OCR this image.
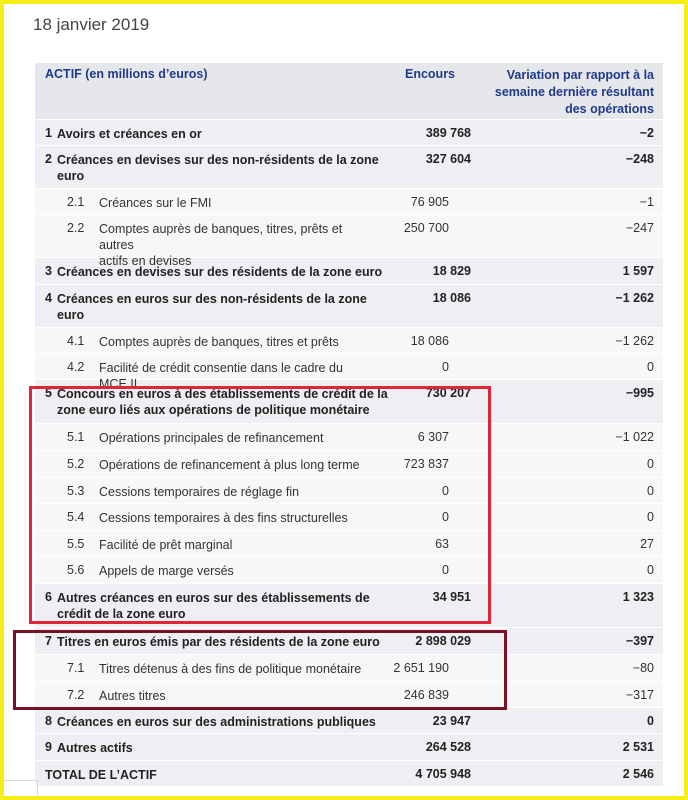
18 janvier 2019
ACTIF (en millions d’euros)	Encours	Variation par rapport à la
semaine dernière résultant
des opérations
1 Avoirs et créances en or	389 768	−2
2 Créances en devises sur des non-résidents de la zone
euro
327 604	−248
2.1	Créances sur le FMI	76 905	−1
2.2	Comptes auprès de banques, titres, prêts et autres
actifs en devises
250 700	−247
3 Créances en devises sur des résidents de la zone euro	18 829	1 597
4 Créances en euros sur des non-résidents de la zone
euro
18 086	−1 262
4.1	Comptes auprès de banques, titres et prêts	18 086	−1 262
4.2	Facilité de crédit consentie dans le cadre du MCE II
0	0
5 Concours en euros à des établissements de crédit de la
zone euro liés aux opérations de politique monétaire
730 207	−995
5.1	Opérations principales de refinancement	6 307	−1 022
5.2	Opérations de refinancement à plus long terme	723 837	0
5.3	Cessions temporaires de réglage fin	0	0
5.4	Cessions temporaires à des fins structurelles	0	0
5.5	Facilité de prêt marginal	63	27
5.6	Appels de marge versés	0	0
6 Autres créances en euros sur des établissements de
crédit de la zone euro
34 951	1 323
7 Titres en euros émis par des résidents de la zone euro	2 898 029	−397
7.1	Titres détenus à des fins de politique monétaire	2 651 190	−80
7.2	Autres titres	246 839	−317
8 Créances en euros sur des administrations publiques	23 947	0
9 Autres actifs	264 528	2 531
TOTAL DE L’ACTIF	4 705 948	2 546
